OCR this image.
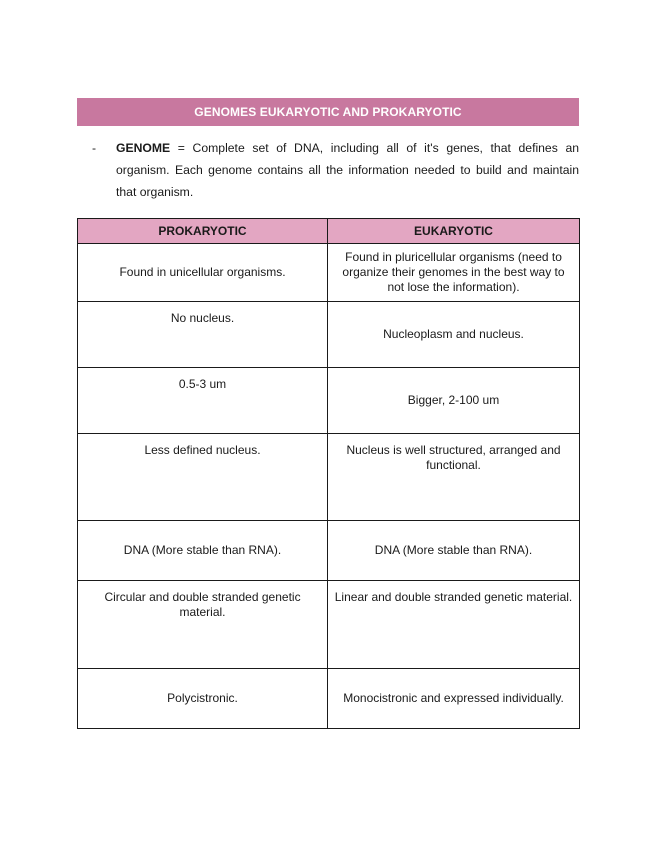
GENOMES EUKARYOTIC AND PROKARYOTIC
- GENOME = Complete set of DNA, including all of it's genes, that defines an organism. Each genome contains all the information needed to build and maintain that organism.
PROKARYOTIC	EUKARYOTIC
Found in unicellular organisms.	Found in pluricellular organisms (need to organize their genomes in the best way to not lose the information).
No nucleus.	Nucleoplasm and nucleus.
0.5-3 um	Bigger, 2-100 um
Less defined nucleus.	Nucleus is well structured, arranged and functional.
DNA (More stable than RNA).	DNA (More stable than RNA).
Circular and double stranded genetic material.	Linear and double stranded genetic material.
Polycistronic.	Monocistronic and expressed individually.
